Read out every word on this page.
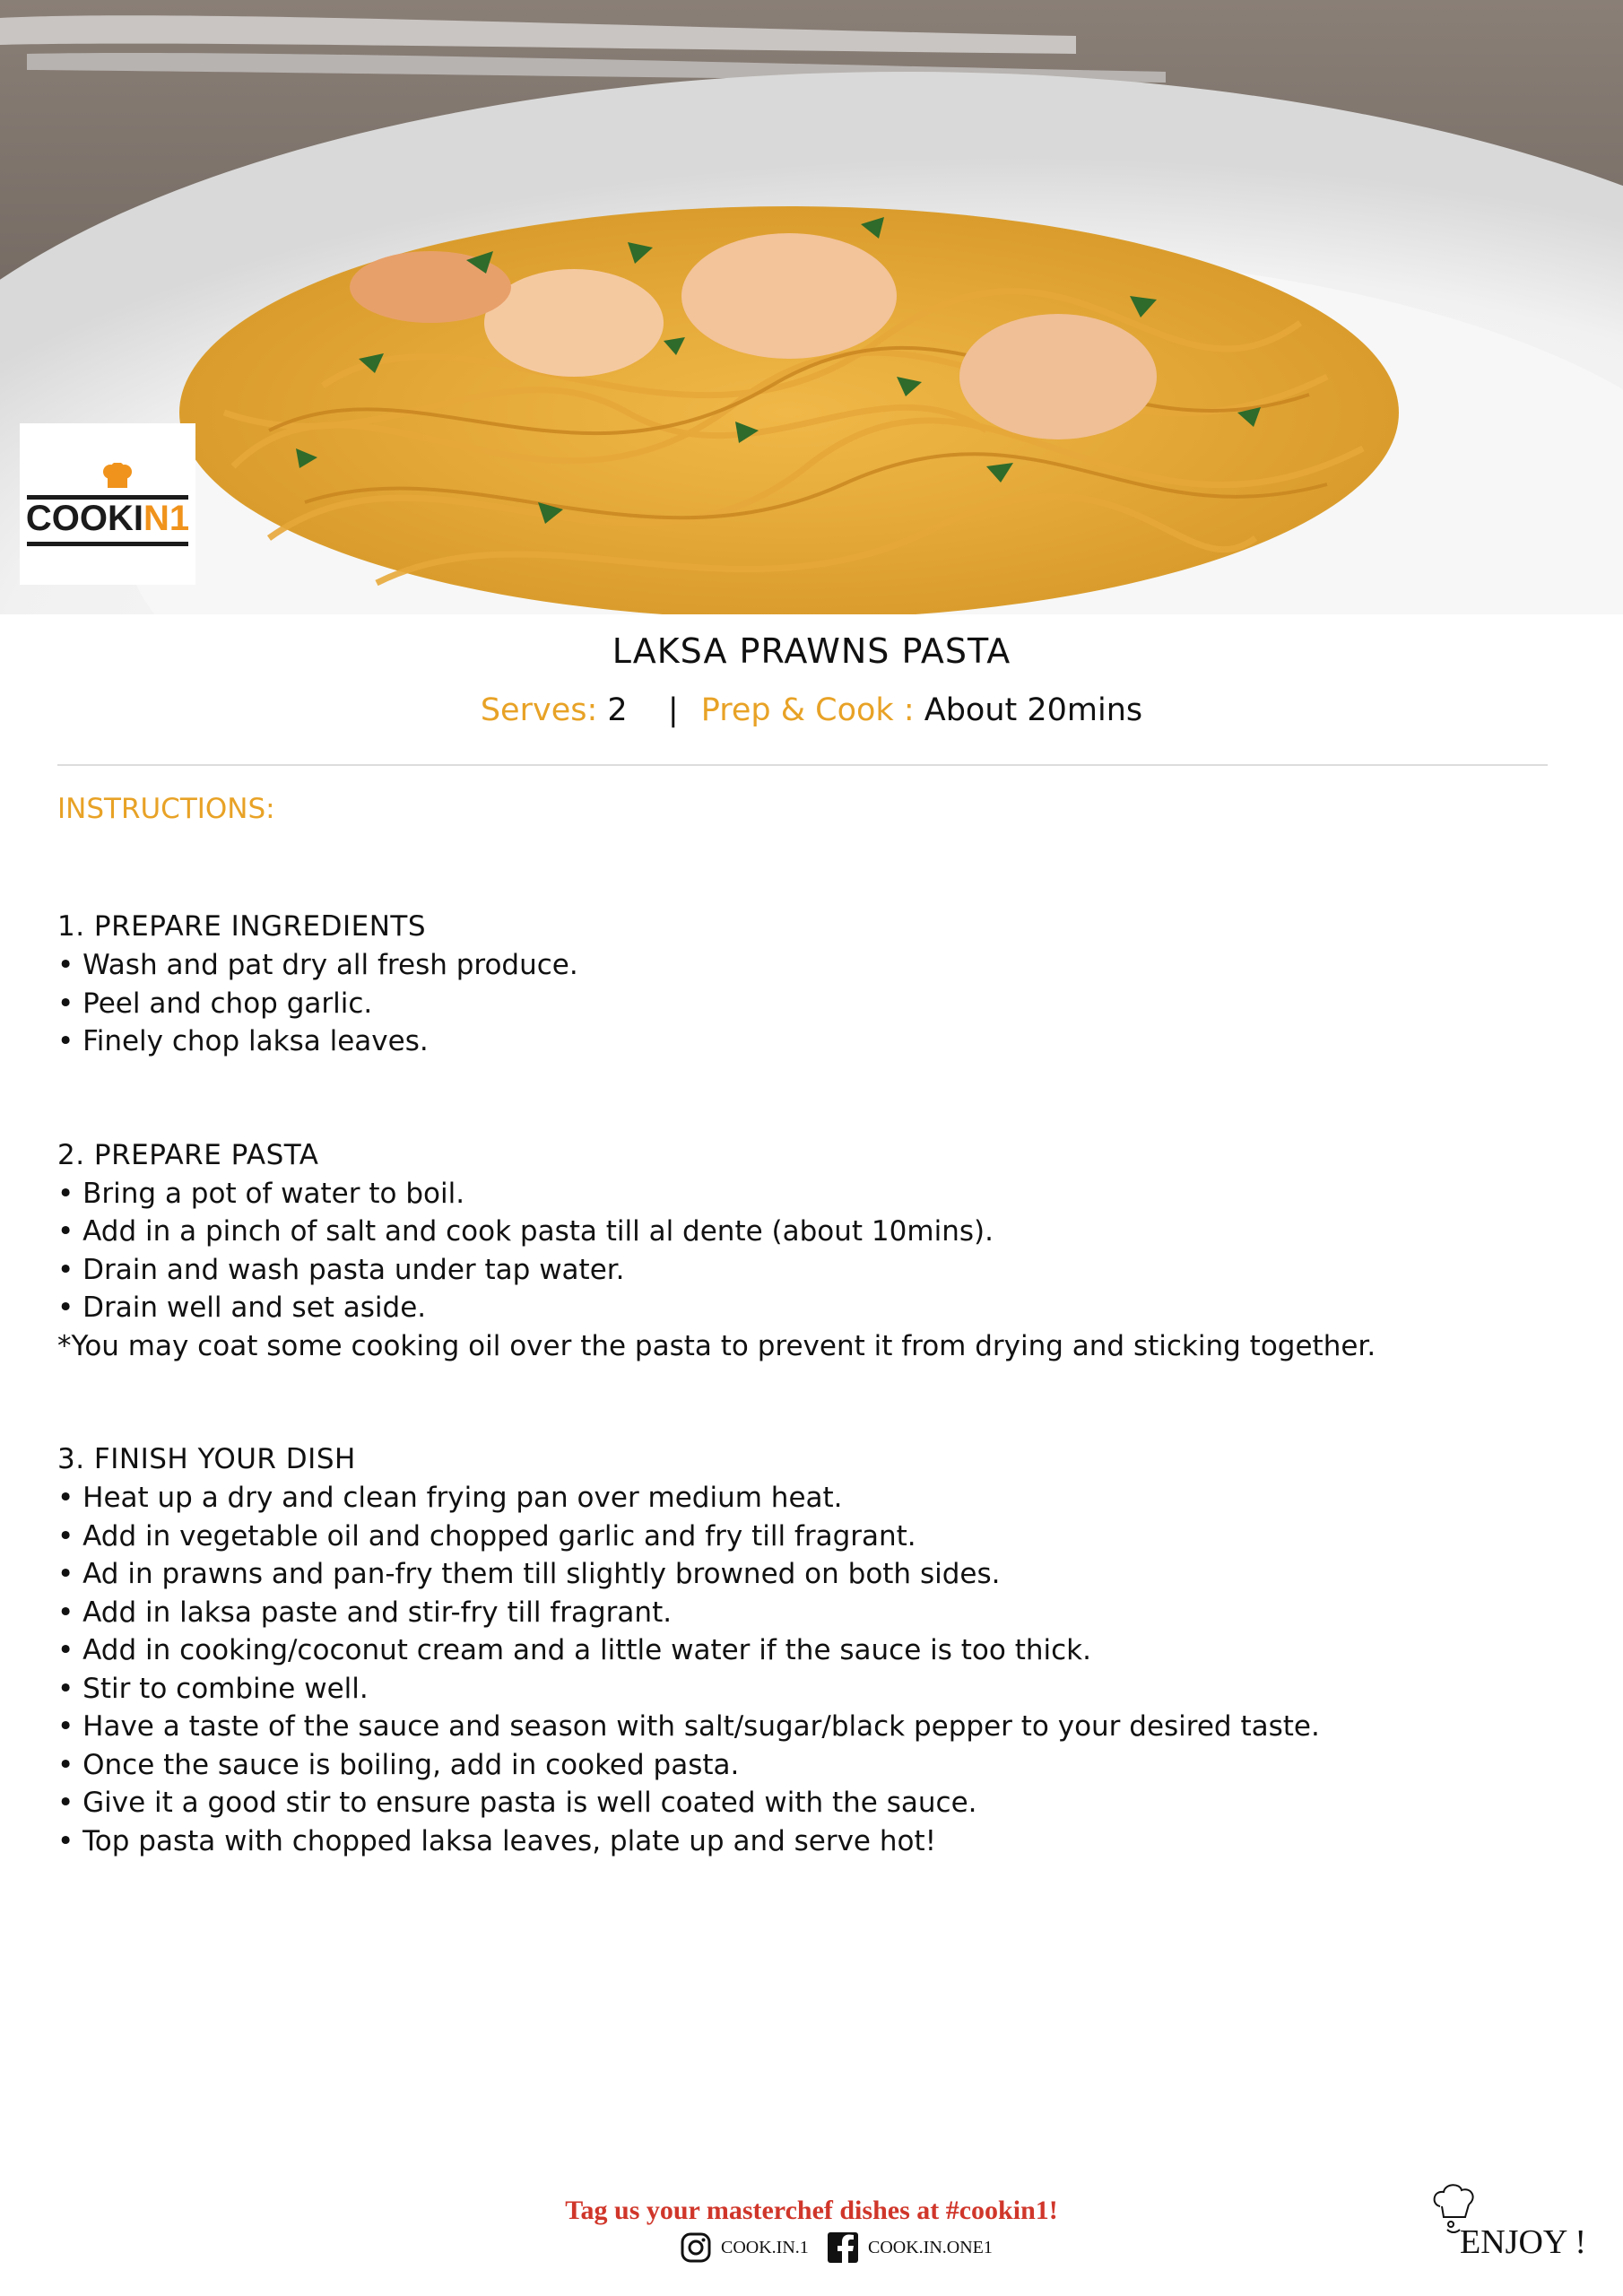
COOKIN1
LAKSA PRAWNS PASTA
Serves: 2 | Prep & Cook : About 20mins
INSTRUCTIONS:
1. PREPARE INGREDIENTS
• Wash and pat dry all fresh produce.
• Peel and chop garlic.
• Finely chop laksa leaves.
2. PREPARE PASTA
• Bring a pot of water to boil.
• Add in a pinch of salt and cook pasta till al dente (about 10mins).
• Drain and wash pasta under tap water.
• Drain well and set aside.
*You may coat some cooking oil over the pasta to prevent it from drying and sticking together.
3. FINISH YOUR DISH
• Heat up a dry and clean frying pan over medium heat.
• Add in vegetable oil and chopped garlic and fry till fragrant.
• Ad in prawns and pan-fry them till slightly browned on both sides.
• Add in laksa paste and stir-fry till fragrant.
• Add in cooking/coconut cream and a little water if the sauce is too thick.
• Stir to combine well.
• Have a taste of the sauce and season with salt/sugar/black pepper to your desired taste.
• Once the sauce is boiling, add in cooked pasta.
• Give it a good stir to ensure pasta is well coated with the sauce.
• Top pasta with chopped laksa leaves, plate up and serve hot!
Tag us your masterchef dishes at #cookin1!
COOK.IN.1	COOK.IN.ONE1	ENJOY !
